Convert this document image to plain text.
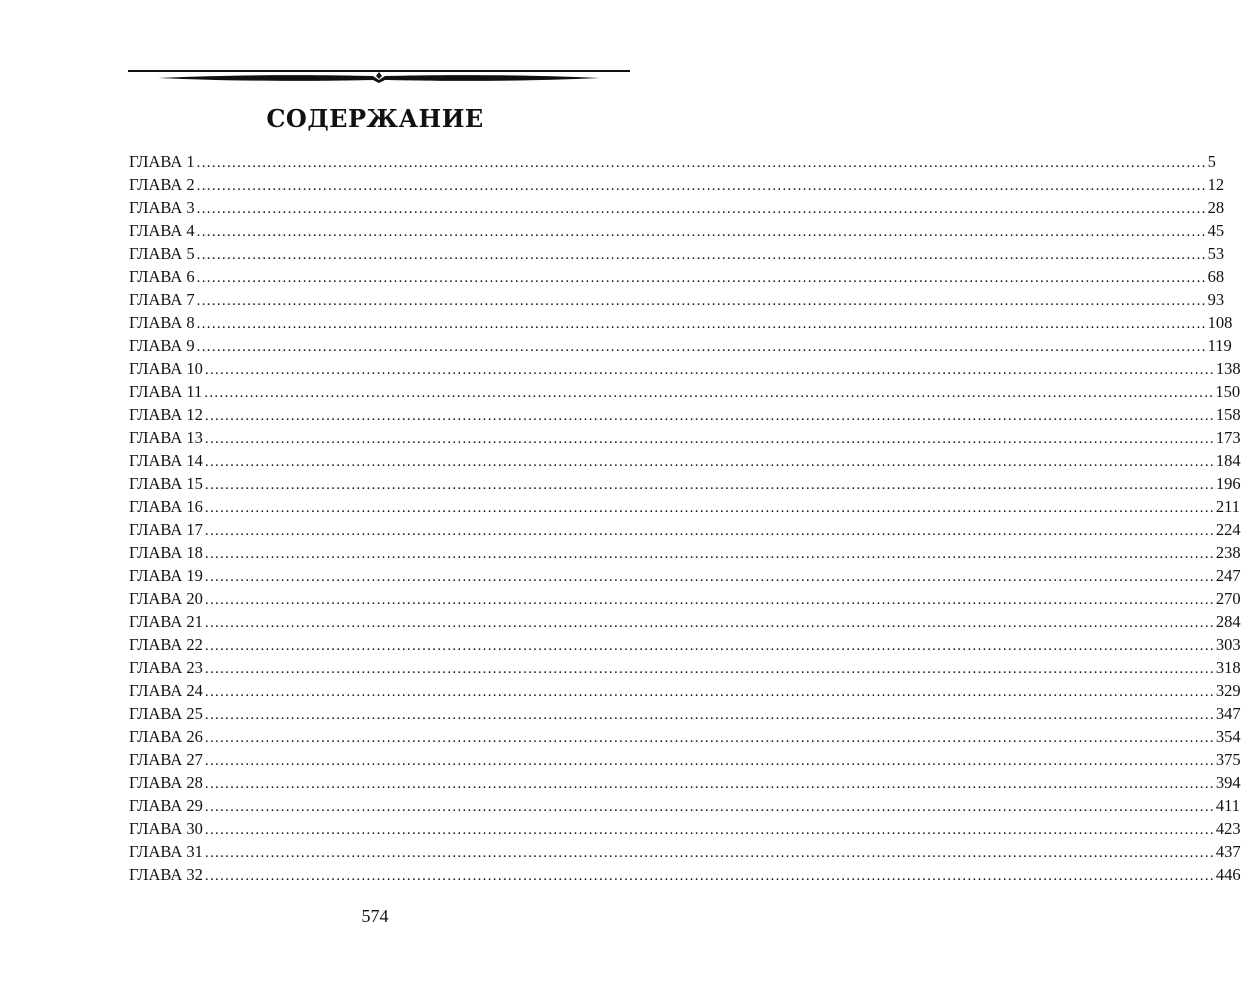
СОДЕРЖАНИЕ
ГЛАВА 1 ........................................................................................................................................................................................................ 5
ГЛАВА 2 ........................................................................................................................................................................................................ 12
ГЛАВА 3 ........................................................................................................................................................................................................ 28
ГЛАВА 4 ........................................................................................................................................................................................................ 45
ГЛАВА 5 ........................................................................................................................................................................................................ 53
ГЛАВА 6 ........................................................................................................................................................................................................ 68
ГЛАВА 7 ........................................................................................................................................................................................................ 93
ГЛАВА 8 ........................................................................................................................................................................................................ 108
ГЛАВА 9 ........................................................................................................................................................................................................ 119
ГЛАВА 10 ........................................................................................................................................................................................................ 138
ГЛАВА 11 ........................................................................................................................................................................................................ 150
ГЛАВА 12 ........................................................................................................................................................................................................ 158
ГЛАВА 13 ........................................................................................................................................................................................................ 173
ГЛАВА 14 ........................................................................................................................................................................................................ 184
ГЛАВА 15 ........................................................................................................................................................................................................ 196
ГЛАВА 16 ........................................................................................................................................................................................................ 211
ГЛАВА 17 ........................................................................................................................................................................................................ 224
ГЛАВА 18 ........................................................................................................................................................................................................ 238
ГЛАВА 19 ........................................................................................................................................................................................................ 247
ГЛАВА 20 ........................................................................................................................................................................................................ 270
ГЛАВА 21 ........................................................................................................................................................................................................ 284
ГЛАВА 22 ........................................................................................................................................................................................................ 303
ГЛАВА 23 ........................................................................................................................................................................................................ 318
ГЛАВА 24 ........................................................................................................................................................................................................ 329
ГЛАВА 25 ........................................................................................................................................................................................................ 347
ГЛАВА 26 ........................................................................................................................................................................................................ 354
ГЛАВА 27 ........................................................................................................................................................................................................ 375
ГЛАВА 28 ........................................................................................................................................................................................................ 394
ГЛАВА 29 ........................................................................................................................................................................................................ 411
ГЛАВА 30 ........................................................................................................................................................................................................ 423
ГЛАВА 31 ........................................................................................................................................................................................................ 437
ГЛАВА 32 ........................................................................................................................................................................................................ 446
574
